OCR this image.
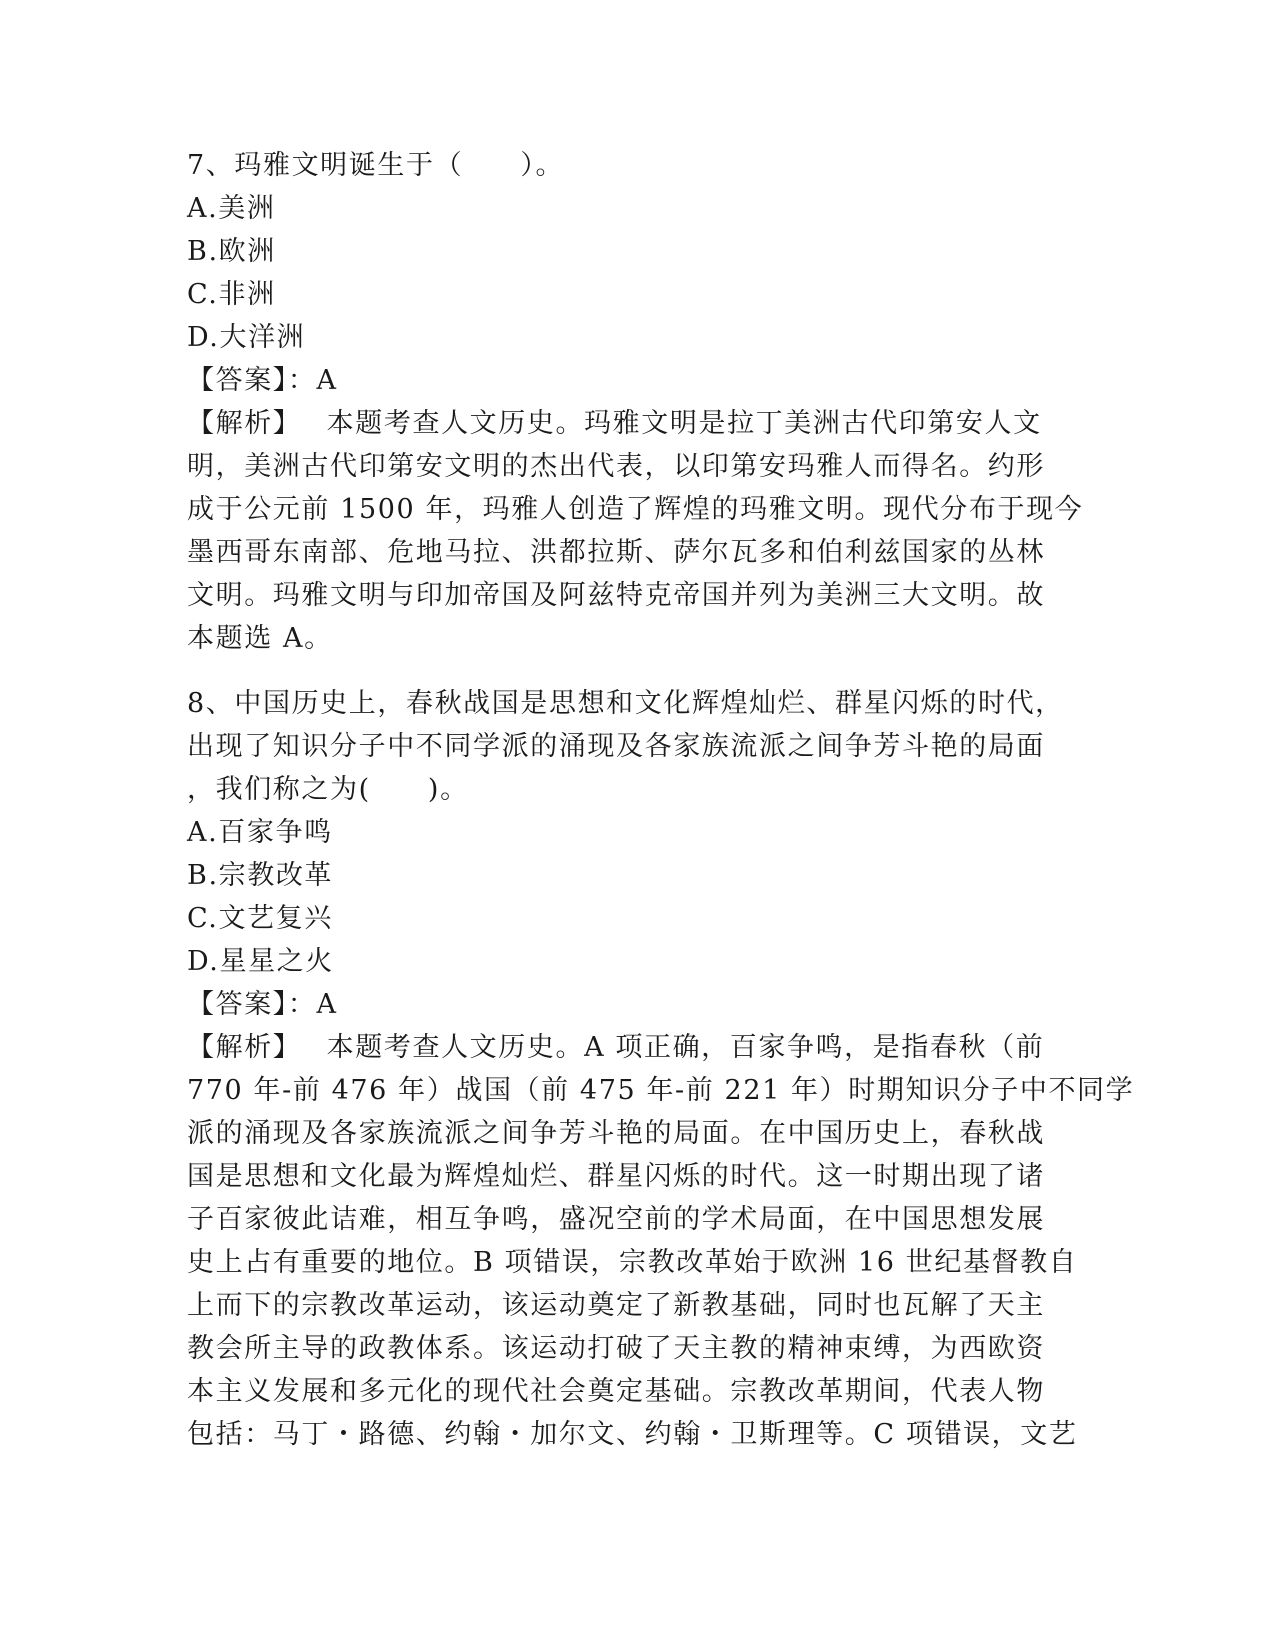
7、玛雅文明诞生于（　　）。
A.美洲
B.欧洲
C.非洲
D.大洋洲
【答案】：A
【解析】　 本题考查人文历史。玛雅文明是拉丁美洲古代印第安人文
明，美洲古代印第安文明的杰出代表，以印第安玛雅人而得名。约形
成于公元前 1500 年，玛雅人创造了辉煌的玛雅文明。现代分布于现今
墨西哥东南部、危地马拉、洪都拉斯、萨尔瓦多和伯利兹国家的丛林
文明。玛雅文明与印加帝国及阿兹特克帝国并列为美洲三大文明。故
本题选 A。
8、中国历史上，春秋战国是思想和文化辉煌灿烂、群星闪烁的时代，
出现了知识分子中不同学派的涌现及各家族流派之间争芳斗艳的局面
，我们称之为(　　)。
A.百家争鸣
B.宗教改革
C.文艺复兴
D.星星之火
【答案】：A
【解析】　 本题考查人文历史。A 项正确，百家争鸣，是指春秋（前
770 年-前 476 年）战国（前 475 年-前 221 年）时期知识分子中不同学
派的涌现及各家族流派之间争芳斗艳的局面。在中国历史上，春秋战
国是思想和文化最为辉煌灿烂、群星闪烁的时代。这一时期出现了诸
子百家彼此诘难，相互争鸣，盛况空前的学术局面，在中国思想发展
史上占有重要的地位。B 项错误，宗教改革始于欧洲 16 世纪基督教自
上而下的宗教改革运动，该运动奠定了新教基础，同时也瓦解了天主
教会所主导的政教体系。该运动打破了天主教的精神束缚，为西欧资
本主义发展和多元化的现代社会奠定基础。宗教改革期间，代表人物
包括：马丁・路德、约翰・加尔文、约翰・卫斯理等。C 项错误，文艺
